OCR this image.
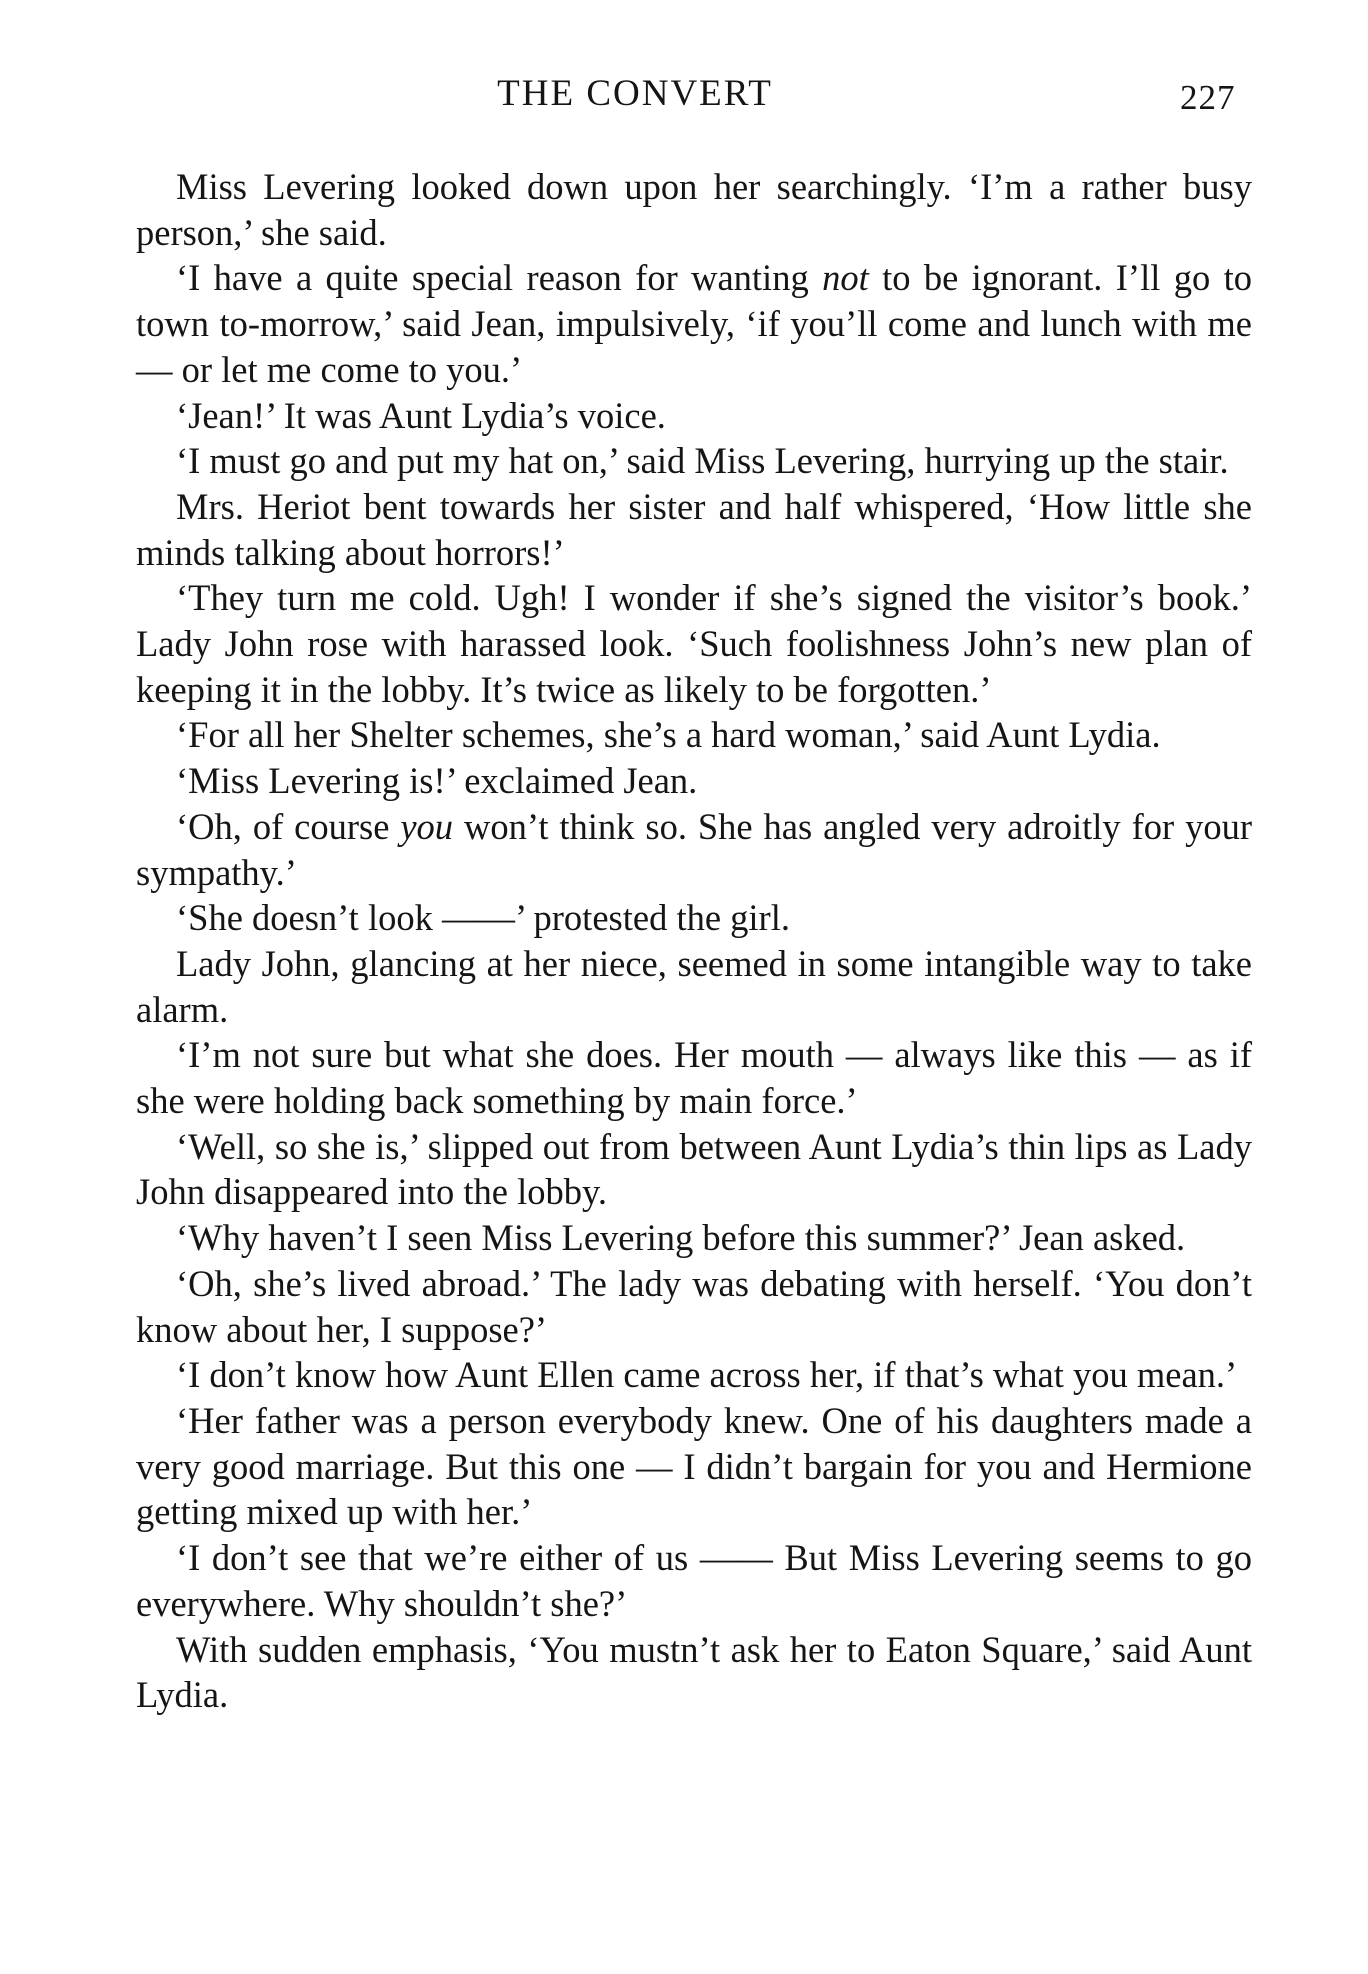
THE CONVERT	227

Miss Levering looked down upon her searchingly. ‘I’m a rather busy person,’ she said.

‘I have a quite special reason for wanting not to be ignorant. I’ll go to town to-morrow,’ said Jean, impulsively, ‘if you’ll come and lunch with me — or let me come to you.’

‘Jean!’ It was Aunt Lydia’s voice.

‘I must go and put my hat on,’ said Miss Levering, hurrying up the stair.

Mrs. Heriot bent towards her sister and half whispered, ‘How little she minds talking about horrors!’

‘They turn me cold. Ugh! I wonder if she’s signed the visitor’s book.’ Lady John rose with harassed look. ‘Such foolishness John’s new plan of keeping it in the lobby. It’s twice as likely to be forgotten.’

‘For all her Shelter schemes, she’s a hard woman,’ said Aunt Lydia.

‘Miss Levering is!’ exclaimed Jean.

‘Oh, of course you won’t think so. She has angled very adroitly for your sympathy.’

‘She doesn’t look ——’ protested the girl.

Lady John, glancing at her niece, seemed in some intangible way to take alarm.

‘I’m not sure but what she does. Her mouth — always like this — as if she were holding back something by main force.’

‘Well, so she is,’ slipped out from between Aunt Lydia’s thin lips as Lady John disappeared into the lobby.

‘Why haven’t I seen Miss Levering before this summer?’ Jean asked.

‘Oh, she’s lived abroad.’ The lady was debating with herself. ‘You don’t know about her, I suppose?’

‘I don’t know how Aunt Ellen came across her, if that’s what you mean.’

‘Her father was a person everybody knew. One of his daughters made a very good marriage. But this one — I didn’t bargain for you and Hermione getting mixed up with her.’

‘I don’t see that we’re either of us —— But Miss Levering seems to go everywhere. Why shouldn’t she?’

With sudden emphasis, ‘You mustn’t ask her to Eaton Square,’ said Aunt Lydia.
